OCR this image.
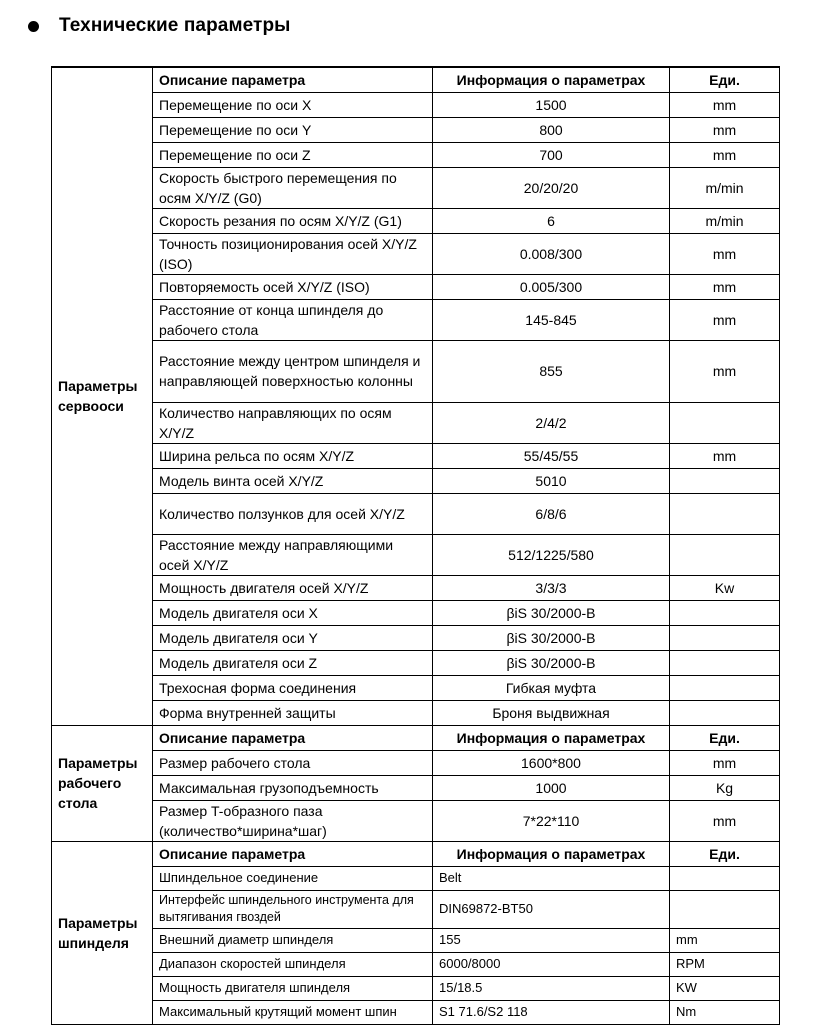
Технические параметры
Параметры сервооси	Описание параметра	Информация о параметрах	Еди.
	Перемещение по оси X	1500	mm
	Перемещение по оси Y	800	mm
	Перемещение по оси Z	700	mm
	Скорость быстрого перемещения по осям X/Y/Z (G0)	20/20/20	m/min
	Скорость резания по осям X/Y/Z (G1)	6	m/min
	Точность позиционирования осей X/Y/Z (ISO)	0.008/300	mm
	Повторяемость осей X/Y/Z (ISO)	0.005/300	mm
	Расстояние от конца шпинделя до рабочего стола	145-845	mm
	Расстояние между центром шпинделя и направляющей поверхностью колонны	855	mm
	Количество направляющих по осям X/Y/Z	2/4/2	
	Ширина рельса по осям X/Y/Z	55/45/55	mm
	Модель винта осей X/Y/Z	5010	
	Количество ползунков для осей X/Y/Z	6/8/6	
	Расстояние между направляющими осей X/Y/Z	512/1225/580	
	Мощность двигателя осей X/Y/Z	3/3/3	Kw
	Модель двигателя оси X	βiS 30/2000-B	
	Модель двигателя оси Y	βiS 30/2000-B	
	Модель двигателя оси Z	βiS 30/2000-B	
	Трехосная форма соединения	Гибкая муфта	
	Форма внутренней защиты	Броня выдвижная	
Параметры рабочего стола	Описание параметра	Информация о параметрах	Еди.
	Размер рабочего стола	1600*800	mm
	Максимальная грузоподъемность	1000	Kg
	Размер T-образного паза (количество*ширина*шаг)	7*22*110	mm
Параметры шпинделя	Описание параметра	Информация о параметрах	Еди.
	Шпиндельное соединение	Belt	
	Интерфейс шпиндельного инструмента для вытягивания гвоздей	DIN69872-BT50	
	Внешний диаметр шпинделя	155	mm
	Диапазон скоростей шпинделя	6000/8000	RPM
	Мощность двигателя шпинделя	15/18.5	KW
	Максимальный крутящий момент шпин	S1 71.6/S2 118	Nm
